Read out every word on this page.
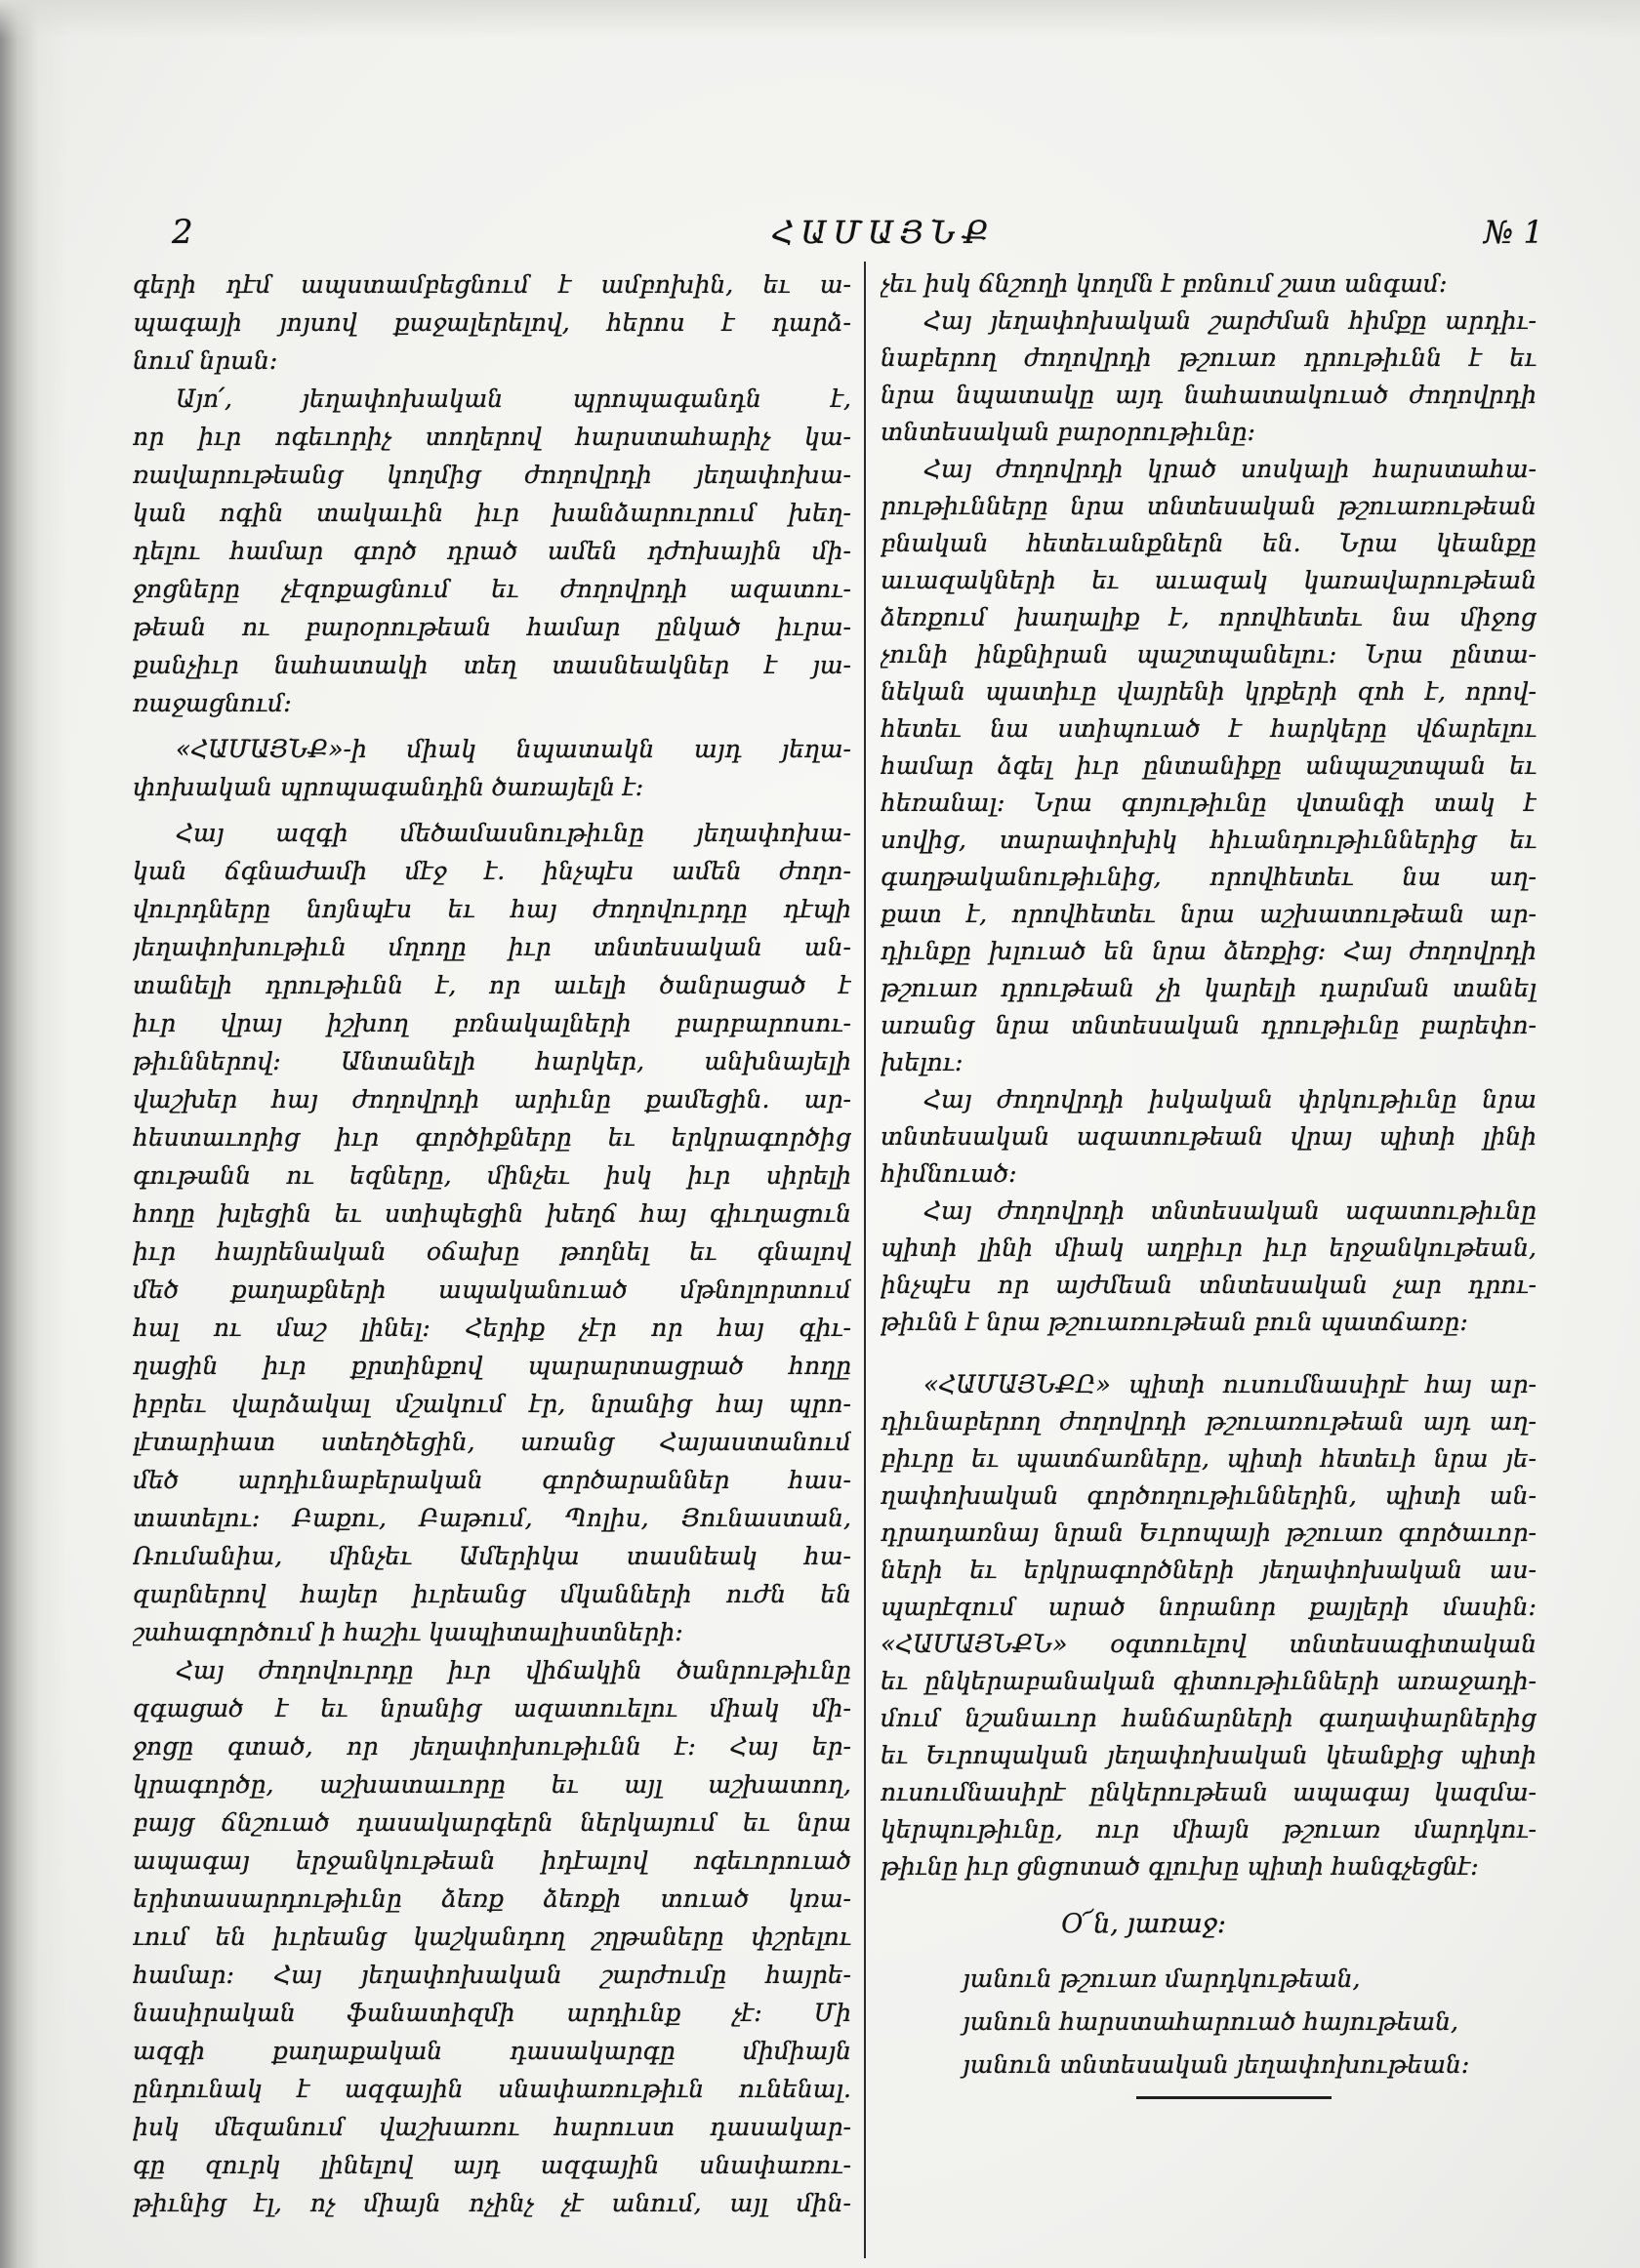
2	ՀԱՄԱՅՆՔ	№ 1
գերի դէմ ապստամբեցնում է ամբոխին, եւ ա-
պագայի յոյսով քաջալերելով, հերոս է դարձ-
նում նրան։
Այո՛, յեղափոխական պրոպագանդն է,
որ իւր ոգեւորիչ տողերով հարստահարիչ կա-
ռավարութեանց կողմից ժողովրդի յեղափոխա-
կան ոգին տակաւին իւր խանձարուրում խեղ-
դելու համար գործ դրած ամեն դժոխային մի-
ջոցները չէզոքացնում եւ ժողովրդի ազատու-
թեան ու բարօրութեան համար ընկած իւրա-
քանչիւր նահատակի տեղ տասնեակներ է յա-
ռաջացնում։
«ՀԱՄԱՅՆՔ»-ի միակ նպատակն այդ յեղա-
փոխական պրոպագանդին ծառայելն է։
Հայ ազգի մեծամասնութիւնը յեղափոխա-
կան ճգնաժամի մէջ է. ինչպէս ամեն ժողո-
վուրդները նոյնպէս եւ հայ ժողովուրդը դէպի
յեղափոխութիւն մղողը իւր տնտեսական ան-
տանելի դրութիւնն է, որ աւելի ծանրացած է
իւր վրայ իշխող բռնակալների բարբարոսու-
թիւններով։ Անտանելի հարկեր, անխնայելի
վաշխեր հայ ժողովրդի արիւնը քամեցին. ար-
հեստաւորից իւր գործիքները եւ երկրագործից
գութանն ու եզները, մինչեւ իսկ իւր սիրելի
հողը խլեցին եւ ստիպեցին խեղճ հայ գիւղացուն
իւր հայրենական օճախը թողնել եւ գնալով
մեծ քաղաքների ապականուած մթնոլորտում
հալ ու մաշ լինել։ Հերիք չէր որ հայ գիւ-
ղացին իւր քրտինքով պարարտացրած հողը
իբրեւ վարձակալ մշակում էր, նրանից հայ պրո-
լէտարիատ ստեղծեցին, առանց Հայաստանում
մեծ արդիւնաբերական գործարաններ հաս-
տատելու։ Բաքու, Բաթում, Պոլիս, Յունաստան,
Ռումանիա, մինչեւ Ամերիկա տասնեակ հա-
զարներով հայեր իւրեանց մկանների ուժն են
շահագործում ի հաշիւ կապիտալիստների։
Հայ ժողովուրդը իւր վիճակին ծանրութիւնը
զգացած է եւ նրանից ազատուելու միակ մի-
ջոցը գտած, որ յեղափոխութիւնն է։ Հայ եր-
կրագործը, աշխատաւորը եւ այլ աշխատող,
բայց ճնշուած դասակարգերն ներկայում եւ նրա
ապագայ երջանկութեան իդէալով ոգեւորուած
երիտասարդութիւնը ձեռք ձեռքի տուած կռա-
ւում են իւրեանց կաշկանդող շղթաները փշրելու
համար։ Հայ յեղափոխական շարժումը հայրե-
նասիրական ֆանատիզմի արդիւնք չէ։ Մի
ազգի քաղաքական դասակարգը միմիայն
ընդունակ է ազգային սնափառութիւն ունենալ.
իսկ մեզանում վաշխառու հարուստ դասակար-
գը զուրկ լինելով այդ ազգային սնափառու-
թիւնից էլ, ոչ միայն ոչինչ չէ անում, այլ մին-
չեւ իսկ ճնշողի կողմն է բռնում շատ անգամ։
Հայ յեղափոխական շարժման հիմքը արդիւ-
նաբերող ժողովրդի թշուառ դրութիւնն է եւ
նրա նպատակը այդ նահատակուած ժողովրդի
տնտեսական բարօրութիւնը։
Հայ ժողովրդի կրած սոսկալի հարստահա-
րութիւնները նրա տնտեսական թշուառութեան
բնական հետեւանքներն են. Նրա կեանքը
աւազակների եւ աւազակ կառավարութեան
ձեռքում խաղալիք է, որովհետեւ նա միջոց
չունի ինքնիրան պաշտպանելու։ Նրա ընտա-
նեկան պատիւը վայրենի կրքերի զոհ է, որով-
հետեւ նա ստիպուած է հարկերը վճարելու
համար ձգել իւր ընտանիքը անպաշտպան եւ
հեռանալ։ Նրա գոյութիւնը վտանգի տակ է
սովից, տարափոխիկ հիւանդութիւններից եւ
գաղթականութիւնից, որովհետեւ նա աղ-
քատ է, որովհետեւ նրա աշխատութեան ար-
դիւնքը խլուած են նրա ձեռքից։ Հայ ժողովրդի
թշուառ դրութեան չի կարելի դարման տանել
առանց նրա տնտեսական դրութիւնը բարեփո-
խելու։
Հայ ժողովրդի իսկական փրկութիւնը նրա
տնտեսական ազատութեան վրայ պիտի լինի
հիմնուած։
Հայ ժողովրդի տնտեսական ազատութիւնը
պիտի լինի միակ աղբիւր իւր երջանկութեան,
ինչպէս որ այժմեան տնտեսական չար դրու-
թիւնն է նրա թշուառութեան բուն պատճառը։
«ՀԱՄԱՅՆՔԸ» պիտի ուսումնասիրէ հայ ար-
դիւնաբերող ժողովրդի թշուառութեան այդ աղ-
բիւրը եւ պատճառները, պիտի հետեւի նրա յե-
ղափոխական գործողութիւններին, պիտի ան-
դրադառնայ նրան Եւրոպայի թշուառ գործաւոր-
ների եւ երկրագործների յեղափոխական աս-
պարէզում արած նորանոր քայլերի մասին։
«ՀԱՄԱՅՆՔՆ» օգտուելով տնտեսագիտական
եւ ընկերաբանական գիտութիւնների առաջադի-
մում նշանաւոր հանճարների գաղափարներից
եւ Եւրոպական յեղափոխական կեանքից պիտի
ուսումնասիրէ ընկերութեան ապագայ կազմա-
կերպութիւնը, ուր միայն թշուառ մարդկու-
թիւնը իւր ցնցոտած գլուխը պիտի հանգչեցնէ։
Օ՜ն, յառաջ։
յանուն թշուառ մարդկութեան,
յանուն հարստահարուած հայութեան,
յանուն տնտեսական յեղափոխութեան։
